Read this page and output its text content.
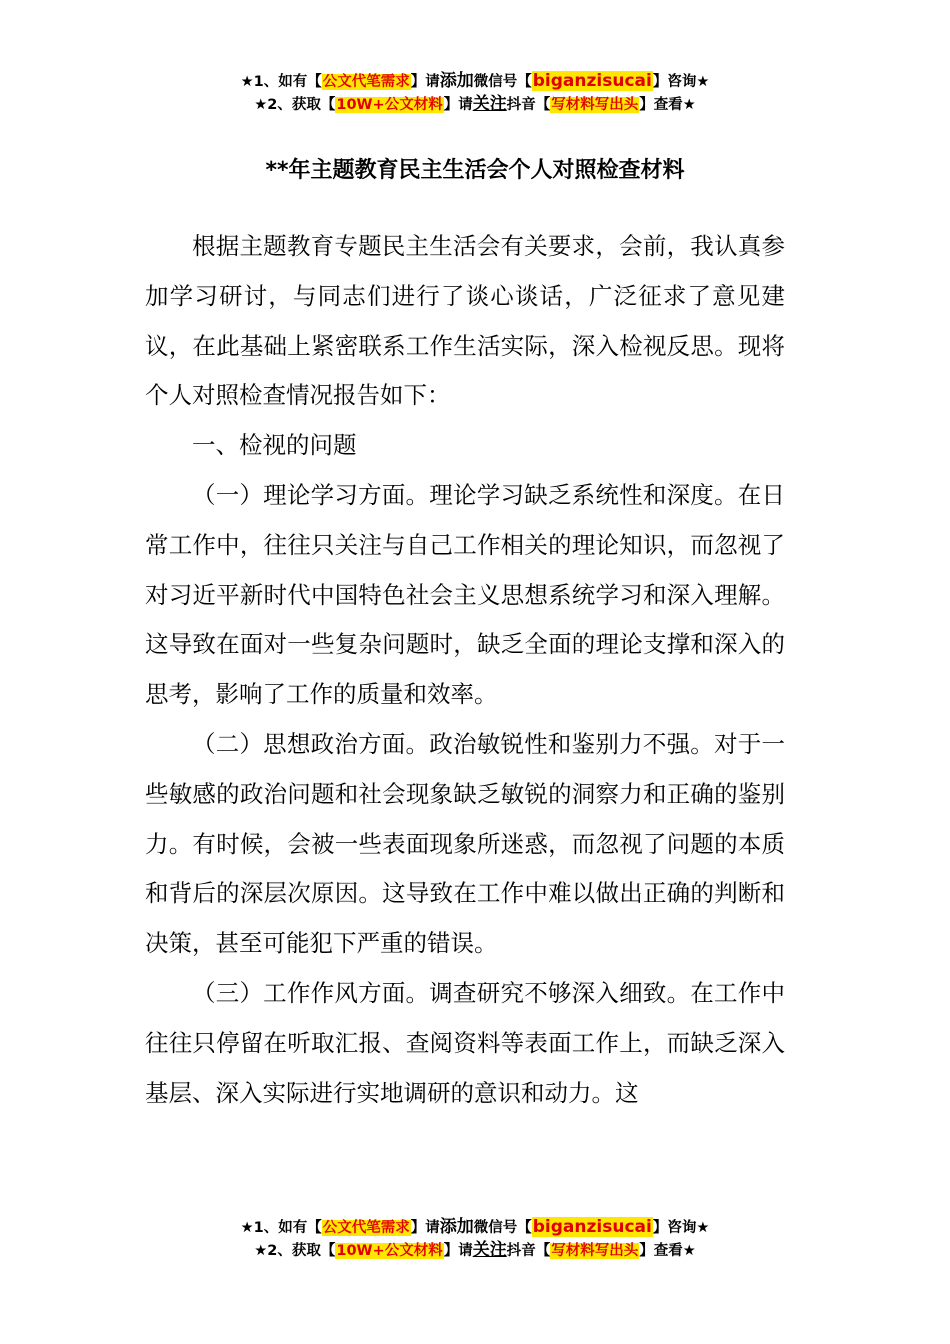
★1、如有【公文代笔需求】请添加微信号【biganzisucai】咨询★
★2、获取【10W+公文材料】请关注抖音【写材料写出头】查看★
**年主题教育民主生活会个人对照检查材料

根据主题教育专题民主生活会有关要求，会前，我认真参加学习研讨，与同志们进行了谈心谈话，广泛征求了意见建议，在此基础上紧密联系工作生活实际，深入检视反思。现将个人对照检查情况报告如下：

一、检视的问题

（一）理论学习方面。理论学习缺乏系统性和深度。在日常工作中，往往只关注与自己工作相关的理论知识，而忽视了对习近平新时代中国特色社会主义思想系统学习和深入理解。这导致在面对一些复杂问题时，缺乏全面的理论支撑和深入的思考，影响了工作的质量和效率。

（二）思想政治方面。政治敏锐性和鉴别力不强。对于一些敏感的政治问题和社会现象缺乏敏锐的洞察力和正确的鉴别力。有时候，会被一些表面现象所迷惑，而忽视了问题的本质和背后的深层次原因。这导致在工作中难以做出正确的判断和决策，甚至可能犯下严重的错误。

（三）工作作风方面。调查研究不够深入细致。在工作中往往只停留在听取汇报、查阅资料等表面工作上，而缺乏深入基层、深入实际进行实地调研的意识和动力。这

★1、如有【公文代笔需求】请添加微信号【biganzisucai】咨询★
★2、获取【10W+公文材料】请关注抖音【写材料写出头】查看★
